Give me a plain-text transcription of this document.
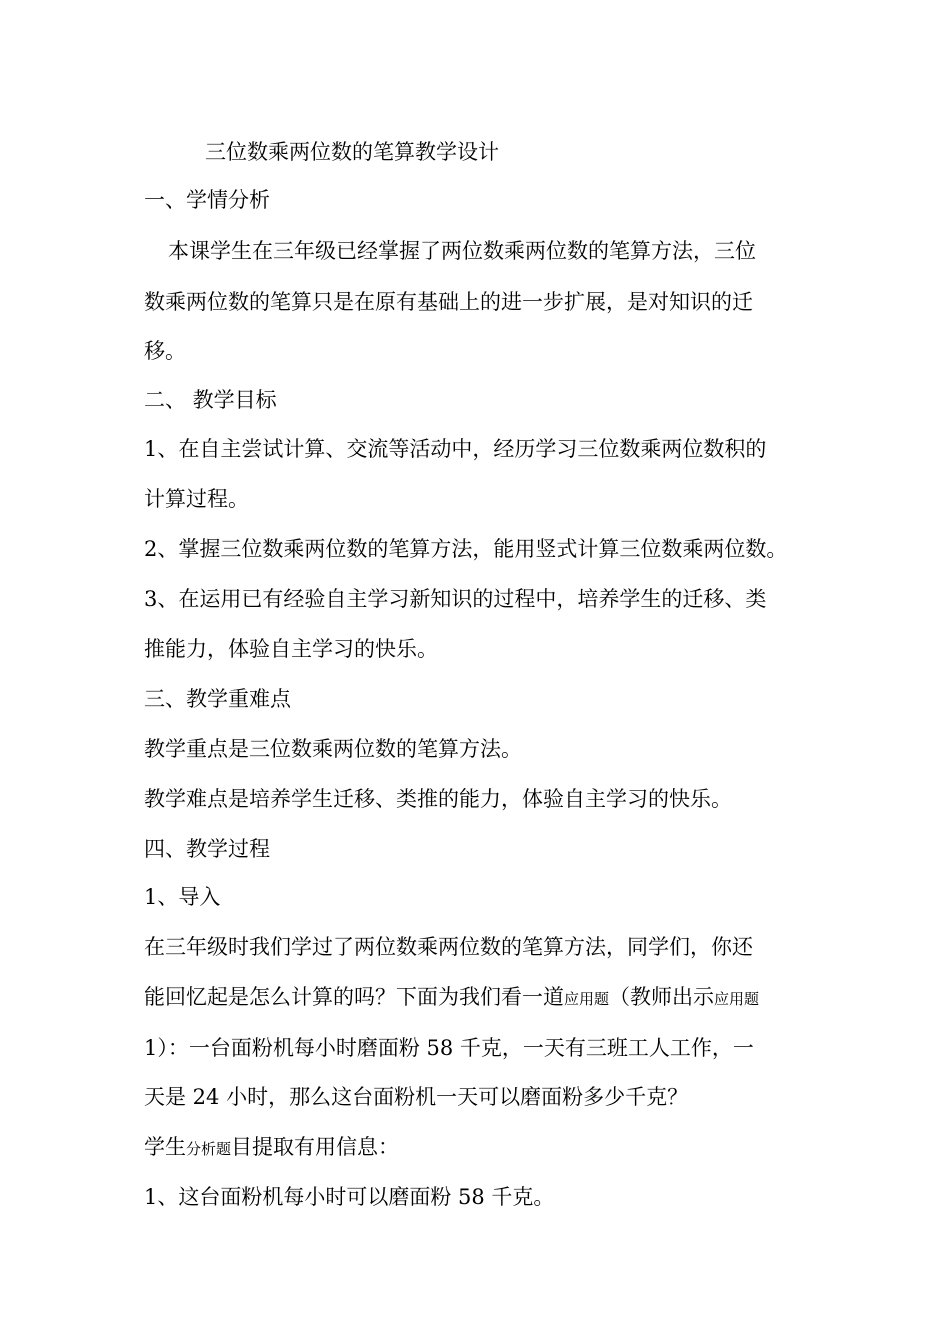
三位数乘两位数的笔算教学设计
一、学情分析
本课学生在三年级已经掌握了两位数乘两位数的笔算方法，三位
数乘两位数的笔算只是在原有基础上的进一步扩展，是对知识的迁
移。
二、 教学目标
1、在自主尝试计算、交流等活动中，经历学习三位数乘两位数积的
计算过程。
2、掌握三位数乘两位数的笔算方法，能用竖式计算三位数乘两位数。
3、在运用已有经验自主学习新知识的过程中，培养学生的迁移、类
推能力，体验自主学习的快乐。
三、教学重难点
教学重点是三位数乘两位数的笔算方法。
教学难点是培养学生迁移、类推的能力，体验自主学习的快乐。
四、教学过程
1、导入
在三年级时我们学过了两位数乘两位数的笔算方法，同学们，你还
能回忆起是怎么计算的吗？下面为我们看一道应用题（教师出示应用题
1）：一台面粉机每小时磨面粉 58 千克，一天有三班工人工作，一
天是 24 小时，那么这台面粉机一天可以磨面粉多少千克？
学生分析题目提取有用信息：
1、这台面粉机每小时可以磨面粉 58 千克。
